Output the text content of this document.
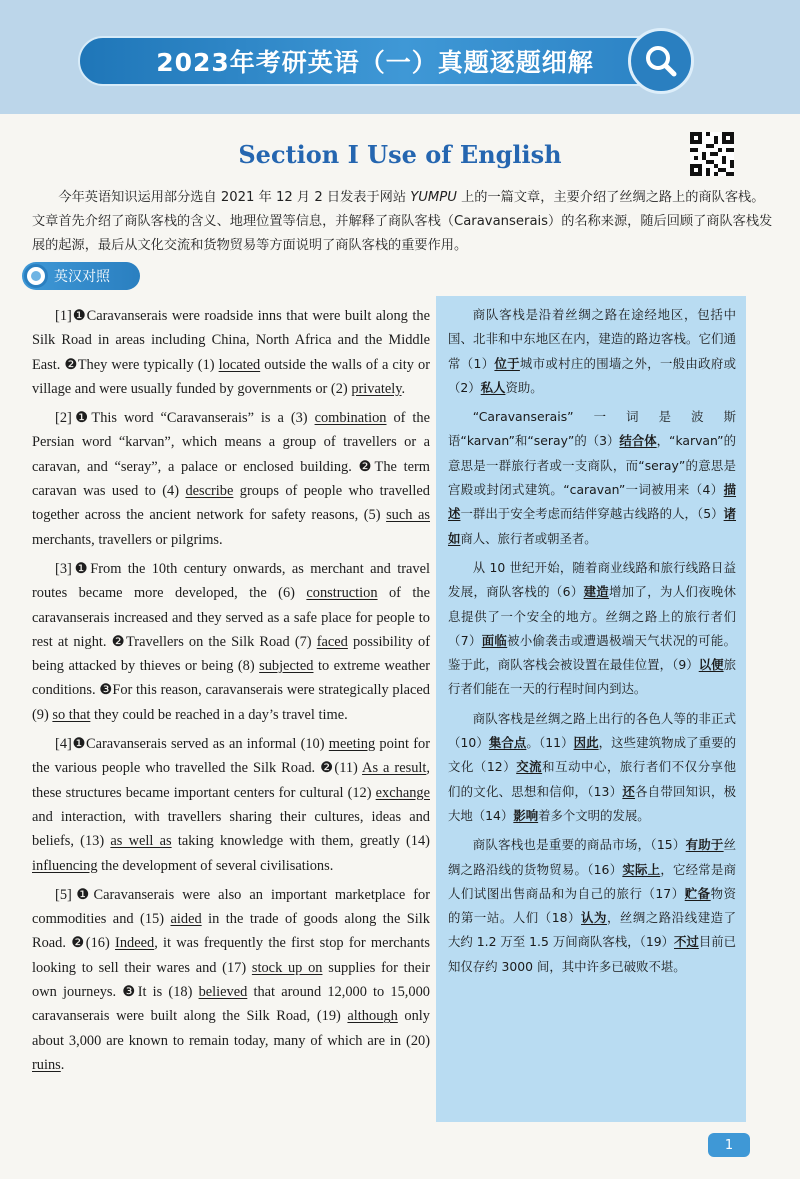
2023年考研英语（一）真题逐题细解
Section Ⅰ Use of English

今年英语知识运用部分选自 2021 年 12 月 2 日发表于网站 YUMPU 上的一篇文章，主要介绍了丝绸之路上的商队客栈。文章首先介绍了商队客栈的含义、地理位置等信息，并解释了商队客栈（Caravanserais）的名称来源，随后回顾了商队客栈发展的起源，最后从文化交流和货物贸易等方面说明了商队客栈的重要作用。

英汉对照

[1]❶Caravanserais were roadside inns that were built along the Silk Road in areas including China, North Africa and the Middle East. ❷They were typically (1) located outside the walls of a city or village and were usually funded by governments or (2) privately.

[2]❶This word “Caravanserais” is a (3) combination of the Persian word “karvan”, which means a group of travellers or a caravan, and “seray”, a palace or enclosed building. ❷The term caravan was used to (4) describe groups of people who travelled together across the ancient network for safety reasons, (5) such as merchants, travellers or pilgrims.

[3]❶From the 10th century onwards, as merchant and travel routes became more developed, the (6) construction of the caravanserais increased and they served as a safe place for people to rest at night. ❷Travellers on the Silk Road (7) faced possibility of being attacked by thieves or being (8) subjected to extreme weather conditions. ❸For this reason, caravanserais were strategically placed (9) so that they could be reached in a day’s travel time.

[4]❶Caravanserais served as an informal (10) meeting point for the various people who travelled the Silk Road. ❷(11) As a result, these structures became important centers for cultural (12) exchange and interaction, with travellers sharing their cultures, ideas and beliefs, (13) as well as taking knowledge with them, greatly (14) influencing the development of several civilisations.

[5]❶Caravanserais were also an important marketplace for commodities and (15) aided in the trade of goods along the Silk Road. ❷(16) Indeed, it was frequently the first stop for merchants looking to sell their wares and (17) stock up on supplies for their own journeys. ❸It is (18) believed that around 12,000 to 15,000 caravanserais were built along the Silk Road, (19) although only about 3,000 are known to remain today, many of which are in (20) ruins.

商队客栈是沿着丝绸之路在途经地区，包括中国、北非和中东地区在内，建造的路边客栈。它们通常（1）位于城市或村庄的围墙之外，一般由政府或（2）私人资助。

“Caravanserais”一词是波斯语“karvan”和“seray”的（3）结合体，“karvan”的意思是一群旅行者或一支商队，而“seray”的意思是宫殿或封闭式建筑。“caravan”一词被用来（4）描述一群出于安全考虑而结伴穿越古线路的人，（5）诸如商人、旅行者或朝圣者。

从 10 世纪开始，随着商业线路和旅行线路日益发展，商队客栈的（6）建造增加了，为人们夜晚休息提供了一个安全的地方。丝绸之路上的旅行者们（7）面临被小偷袭击或遭遇极端天气状况的可能。鉴于此，商队客栈会被设置在最佳位置，（9）以便旅行者们能在一天的行程时间内到达。

商队客栈是丝绸之路上出行的各色人等的非正式（10）集合点。（11）因此，这些建筑物成了重要的文化（12）交流和互动中心，旅行者们不仅分享他们的文化、思想和信仰，（13）还各自带回知识，极大地（14）影响着多个文明的发展。

商队客栈也是重要的商品市场，（15）有助于丝绸之路沿线的货物贸易。（16）实际上，它经常是商人们试图出售商品和为自己的旅行（17）贮备物资的第一站。人们（18）认为，丝绸之路沿线建造了大约 1.2 万至 1.5 万间商队客栈，（19）不过目前已知仅存约 3000 间，其中许多已破败不堪。

1
